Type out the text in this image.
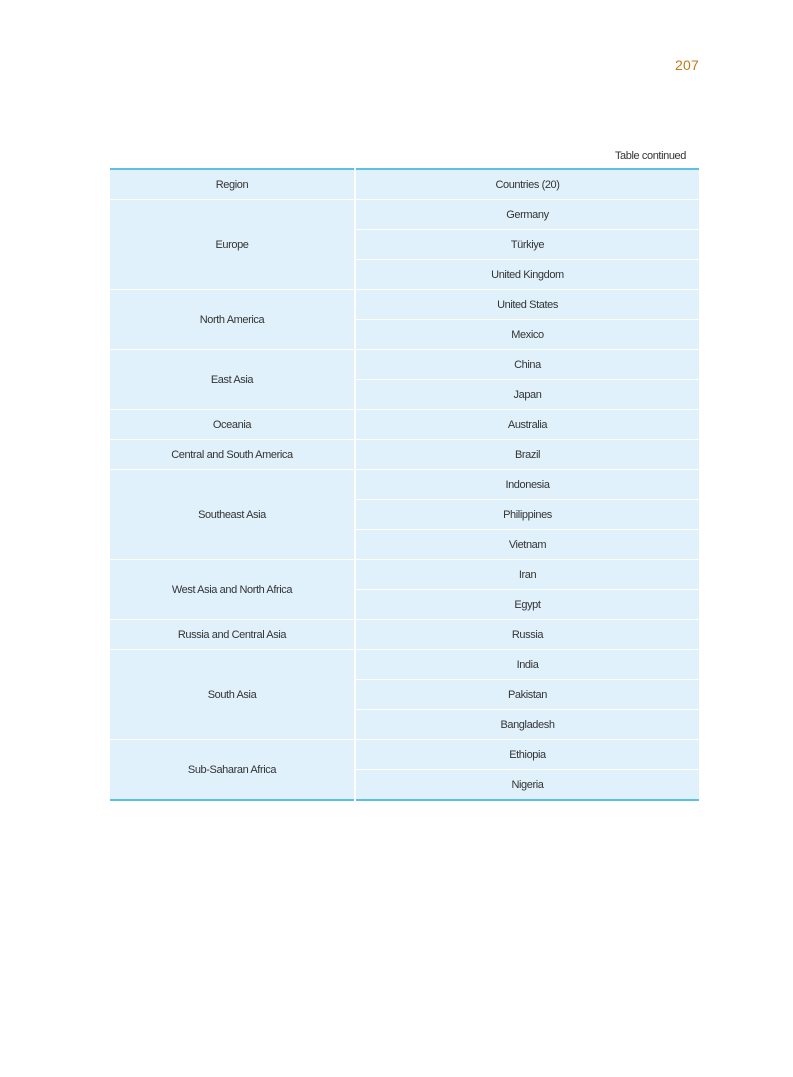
207
Table continued
Region	Countries (20)
Europe	Germany
	Türkiye
	United Kingdom
North America	United States
	Mexico
East Asia	China
	Japan
Oceania	Australia
Central and South America	Brazil
Southeast Asia	Indonesia
	Philippines
	Vietnam
West Asia and North Africa	Iran
	Egypt
Russia and Central Asia	Russia
South Asia	India
	Pakistan
	Bangladesh
Sub-Saharan Africa	Ethiopia
	Nigeria
